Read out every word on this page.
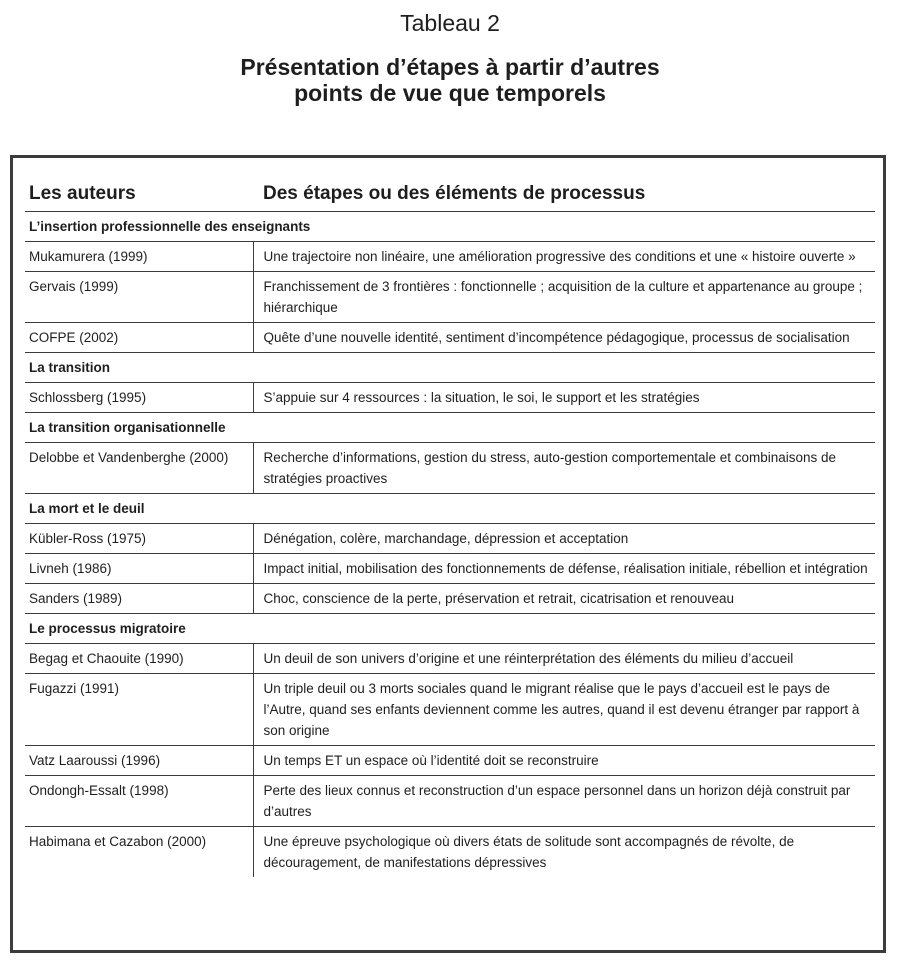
Tableau 2
Présentation d’étapes à partir d’autres
points de vue que temporels
Les auteurs	Des étapes ou des éléments de processus
L’insertion professionnelle des enseignants	
Mukamurera (1999)	Une trajectoire non linéaire, une amélioration progressive des conditions et une « histoire ouverte »
Gervais (1999)	Franchissement de 3 frontières : fonctionnelle ; acquisition de la culture et appartenance au groupe ; hiérarchique
COFPE (2002)	Quête d’une nouvelle identité, sentiment d’incompétence pédagogique, processus de socialisation
La transition	
Schlossberg (1995)	S’appuie sur 4 ressources : la situation, le soi, le support et les stratégies
La transition organisationnelle	
Delobbe et Vandenberghe (2000)	Recherche d’informations, gestion du stress, auto-gestion comportementale et combinaisons de stratégies proactives
La mort et le deuil	
Kübler-Ross (1975)	Dénégation, colère, marchandage, dépression et acceptation
Livneh (1986)	Impact initial, mobilisation des fonctionnements de défense, réalisation initiale, rébellion et intégration
Sanders (1989)	Choc, conscience de la perte, préservation et retrait, cicatrisation et renouveau
Le processus migratoire	
Begag et Chaouite (1990)	Un deuil de son univers d’origine et une réinterprétation des éléments du milieu d’accueil
Fugazzi (1991)	Un triple deuil ou 3 morts sociales quand le migrant réalise que le pays d’accueil est le pays de l’Autre, quand ses enfants deviennent comme les autres, quand il est devenu étranger par rapport à son origine
Vatz Laaroussi (1996)	Un temps ET un espace où l’identité doit se reconstruire
Ondongh-Essalt (1998)	Perte des lieux connus et reconstruction d’un espace personnel dans un horizon déjà construit par d’autres
Habimana et Cazabon (2000)	Une épreuve psychologique où divers états de solitude sont accompagnés de révolte, de découragement, de manifestations dépressives
